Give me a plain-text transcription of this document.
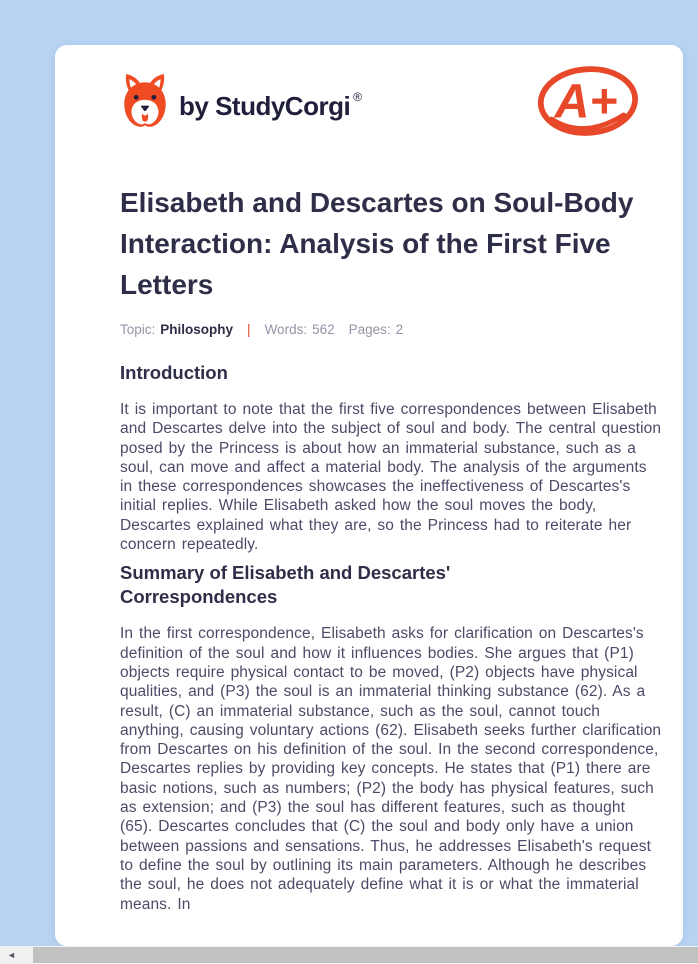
by StudyCorgi ®	A+
Elisabeth and Descartes on Soul-Body Interaction: Analysis of the First Five Letters
Topic: Philosophy | Words: 562 Pages: 2
Introduction

It is important to note that the first five correspondences between Elisabeth and Descartes delve into the subject of soul and body. The central question posed by the Princess is about how an immaterial substance, such as a soul, can move and affect a material body. The analysis of the arguments in these correspondences showcases the ineffectiveness of Descartes's initial replies. While Elisabeth asked how the soul moves the body, Descartes explained what they are, so the Princess had to reiterate her concern repeatedly.

Summary of Elisabeth and Descartes' Correspondences

In the first correspondence, Elisabeth asks for clarification on Descartes's definition of the soul and how it influences bodies. She argues that (P1) objects require physical contact to be moved, (P2) objects have physical qualities, and (P3) the soul is an immaterial thinking substance (62). As a result, (C) an immaterial substance, such as the soul, cannot touch anything, causing voluntary actions (62). Elisabeth seeks further clarification from Descartes on his definition of the soul. In the second correspondence, Descartes replies by providing key concepts. He states that (P1) there are basic notions, such as numbers; (P2) the body has physical features, such as extension; and (P3) the soul has different features, such as thought (65). Descartes concludes that (C) the soul and body only have a union between passions and sensations. Thus, he addresses Elisabeth's request to define the soul by outlining its main parameters. Although he describes the soul, he does not adequately define what it is or what the immaterial means. In

◄
